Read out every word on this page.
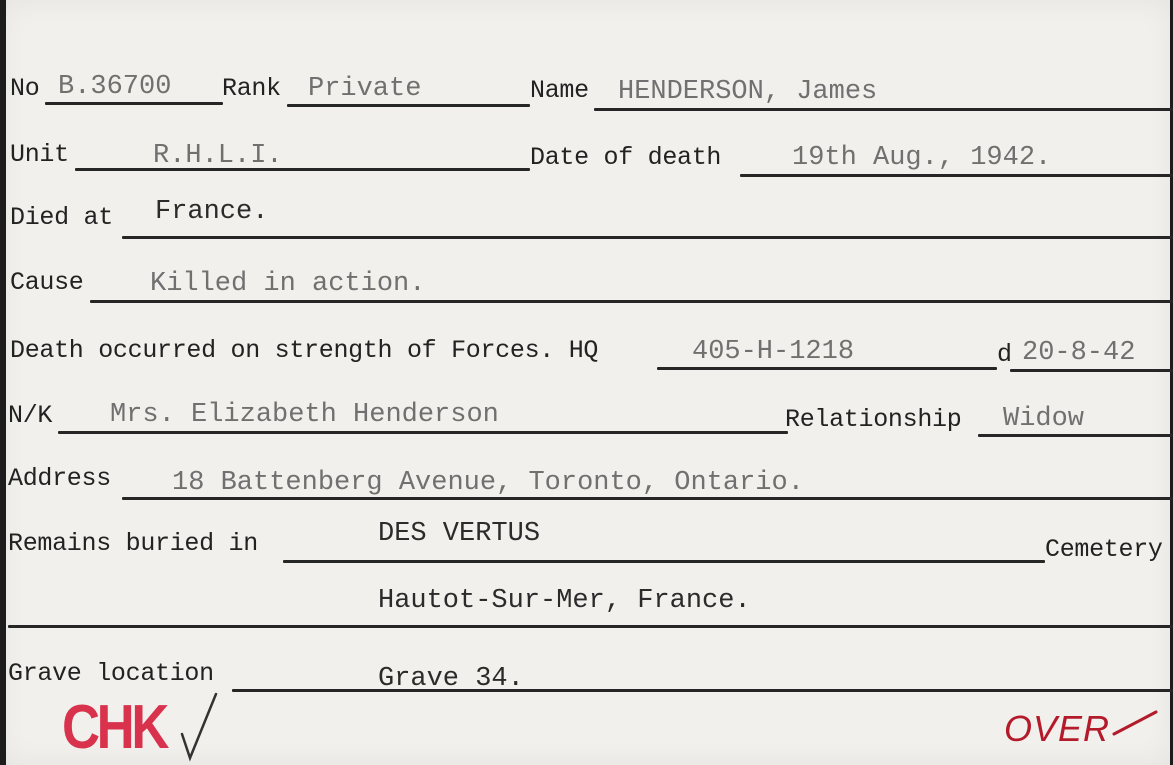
No B.36700 Rank Private	Name HENDERSON, James
Unit	R.H.L.I.	Date of death	19th Aug., 1942.
Died at France.
Cause Killed in action.
Death occurred on strength of Forces. HQ	405-H-1218	d 20-8-42
N/K Mrs. Elizabeth Henderson	Relationship Widow
Address 18 Battenberg Avenue, Toronto, Ontario.
Remains buried in	DES VERTUS
Cemetery
Hautot-Sur-Mer, France.
Grave location	Grave 34.
CHK	OVER
